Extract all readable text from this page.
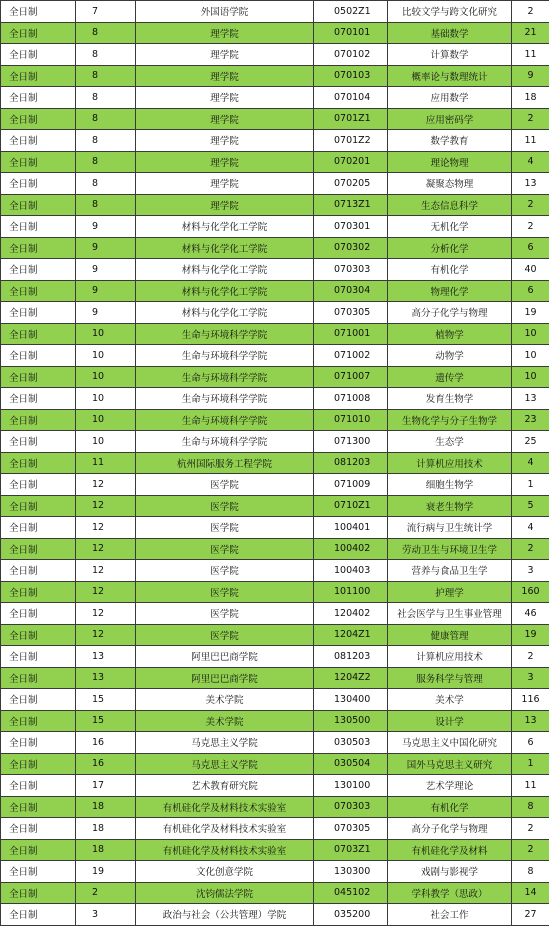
全日制	7	外国语学院	0502Z1	比较文学与跨文化研究	2
全日制	8	理学院	070101	基础数学	21
全日制	8	理学院	070102	计算数学	11
全日制	8	理学院	070103	概率论与数理统计	9
全日制	8	理学院	070104	应用数学	18
全日制	8	理学院	0701Z1	应用密码学	2
全日制	8	理学院	0701Z2	数学教育	11
全日制	8	理学院	070201	理论物理	4
全日制	8	理学院	070205	凝聚态物理	13
全日制	8	理学院	0713Z1	生态信息科学	2
全日制	9	材料与化学化工学院	070301	无机化学	2
全日制	9	材料与化学化工学院	070302	分析化学	6
全日制	9	材料与化学化工学院	070303	有机化学	40
全日制	9	材料与化学化工学院	070304	物理化学	6
全日制	9	材料与化学化工学院	070305	高分子化学与物理	19
全日制	10	生命与环境科学学院	071001	植物学	10
全日制	10	生命与环境科学学院	071002	动物学	10
全日制	10	生命与环境科学学院	071007	遗传学	10
全日制	10	生命与环境科学学院	071008	发育生物学	13
全日制	10	生命与环境科学学院	071010	生物化学与分子生物学	23
全日制	10	生命与环境科学学院	071300	生态学	25
全日制	11	杭州国际服务工程学院	081203	计算机应用技术	4
全日制	12	医学院	071009	细胞生物学	1
全日制	12	医学院	0710Z1	衰老生物学	5
全日制	12	医学院	100401	流行病与卫生统计学	4
全日制	12	医学院	100402	劳动卫生与环境卫生学	2
全日制	12	医学院	100403	营养与食品卫生学	3
全日制	12	医学院	101100	护理学	160
全日制	12	医学院	120402	社会医学与卫生事业管理	46
全日制	12	医学院	1204Z1	健康管理	19
全日制	13	阿里巴巴商学院	081203	计算机应用技术	2
全日制	13	阿里巴巴商学院	1204Z2	服务科学与管理	3
全日制	15	美术学院	130400	美术学	116
全日制	15	美术学院	130500	设计学	13
全日制	16	马克思主义学院	030503	马克思主义中国化研究	6
全日制	16	马克思主义学院	030504	国外马克思主义研究	1
全日制	17	艺术教育研究院	130100	艺术学理论	11
全日制	18	有机硅化学及材料技术实验室	070303	有机化学	8
全日制	18	有机硅化学及材料技术实验室	070305	高分子化学与物理	2
全日制	18	有机硅化学及材料技术实验室	0703Z1	有机硅化学及材料	2
全日制	19	文化创意学院	130300	戏剧与影视学	8
全日制	2	沈钧儒法学院	045102	学科教学（思政）	14
全日制	3	政治与社会（公共管理）学院	035200	社会工作	27
